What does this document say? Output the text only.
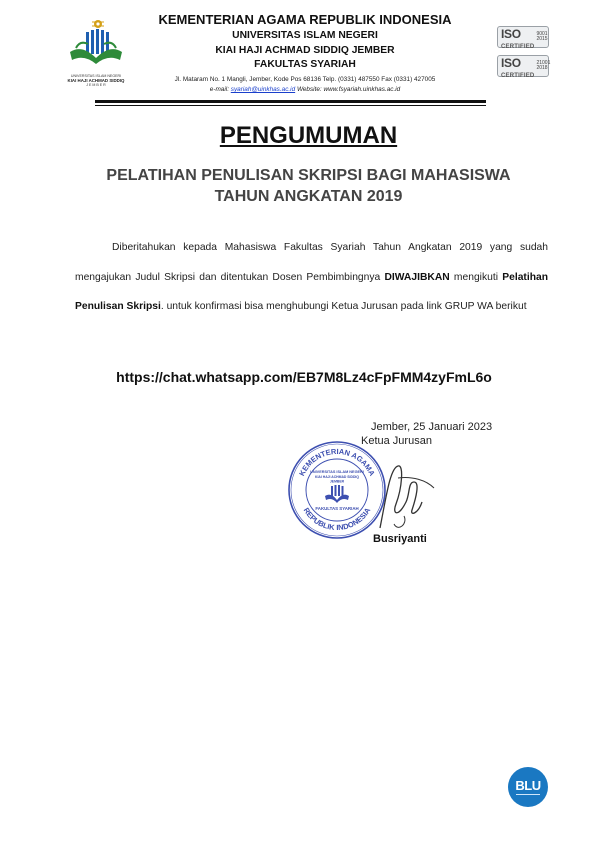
UNIVERSITAS ISLAM NEGERI
KIAI HAJI ACHMAD SIDDIQ
J E M B E R
KEMENTERIAN AGAMA REPUBLIK INDONESIA
UNIVERSITAS ISLAM NEGERI
KIAI HAJI ACHMAD SIDDIQ JEMBER
FAKULTAS SYARIAH
Jl. Mataram No. 1 Mangli, Jember, Kode Pos 68136 Telp. (0331) 487550 Fax (0331) 427005
e-mail: syariah@uinkhas.ac.id Website: www.fsyariah.uinkhas.ac.id
ISO
CERTIFIED
9001
2015
ISO
CERTIFIED
21001
2018
PENGUMUMAN
PELATIHAN PENULISAN SKRIPSI BAGI MAHASISWA
TAHUN ANGKATAN 2019
Diberitahukan kepada Mahasiswa Fakultas Syariah Tahun Angkatan 2019 yang sudah mengajukan Judul Skripsi dan ditentukan Dosen Pembimbingnya DIWAJIBKAN mengikuti Pelatihan Penulisan Skripsi. untuk konfirmasi bisa menghubungi Ketua Jurusan pada link GRUP WA berikut
https://chat.whatsapp.com/EB7M8Lz4cFpFMM4zyFmL6o
Jember, 25 Januari 2023
Ketua Jurusan
KEMENTERIAN AGAMA
REPUBLIK INDONESIA
UNIVERSITAS ISLAM NEGERI
KIAI HAJI ACHMAD SIDDIQ
JEMBER
FAKULTAS SYARIAH
Busriyanti
BLU
